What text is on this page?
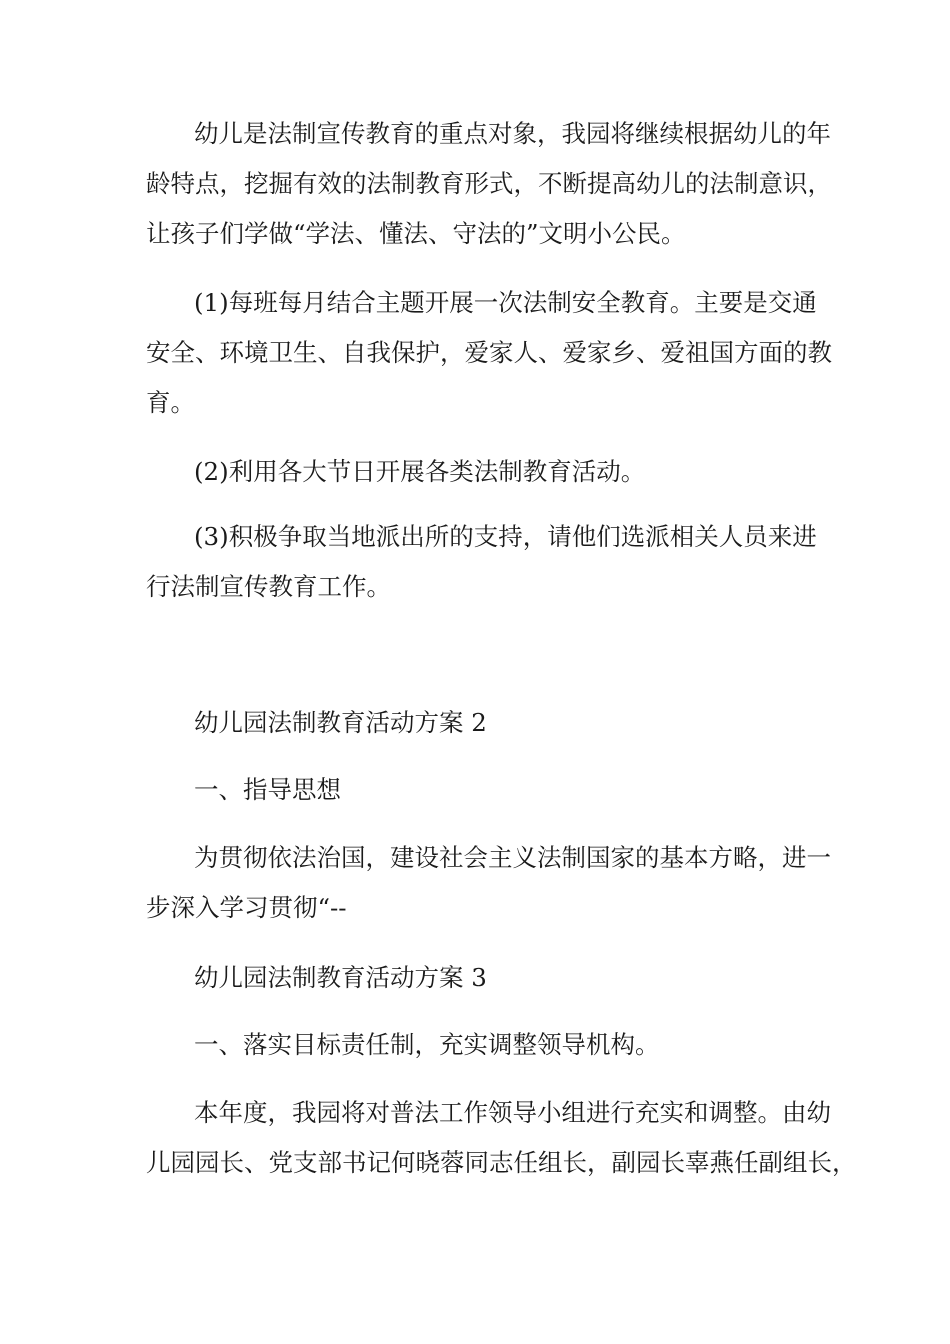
幼儿是法制宣传教育的重点对象，我园将继续根据幼儿的年
龄特点，挖掘有效的法制教育形式，不断提高幼儿的法制意识，
让孩子们学做“学法、懂法、守法的”文明小公民。
(1)每班每月结合主题开展一次法制安全教育。主要是交通
安全、环境卫生、自我保护，爱家人、爱家乡、爱祖国方面的教
育。
(2)利用各大节日开展各类法制教育活动。
(3)积极争取当地派出所的支持，请他们选派相关人员来进
行法制宣传教育工作。
幼儿园法制教育活动方案 2
一、指导思想
为贯彻依法治国，建设社会主义法制国家的基本方略，进一
步深入学习贯彻“--
幼儿园法制教育活动方案 3
一、落实目标责任制，充实调整领导机构。
本年度，我园将对普法工作领导小组进行充实和调整。由幼
儿园园长、党支部书记何晓蓉同志任组长，副园长辜燕任副组长，
